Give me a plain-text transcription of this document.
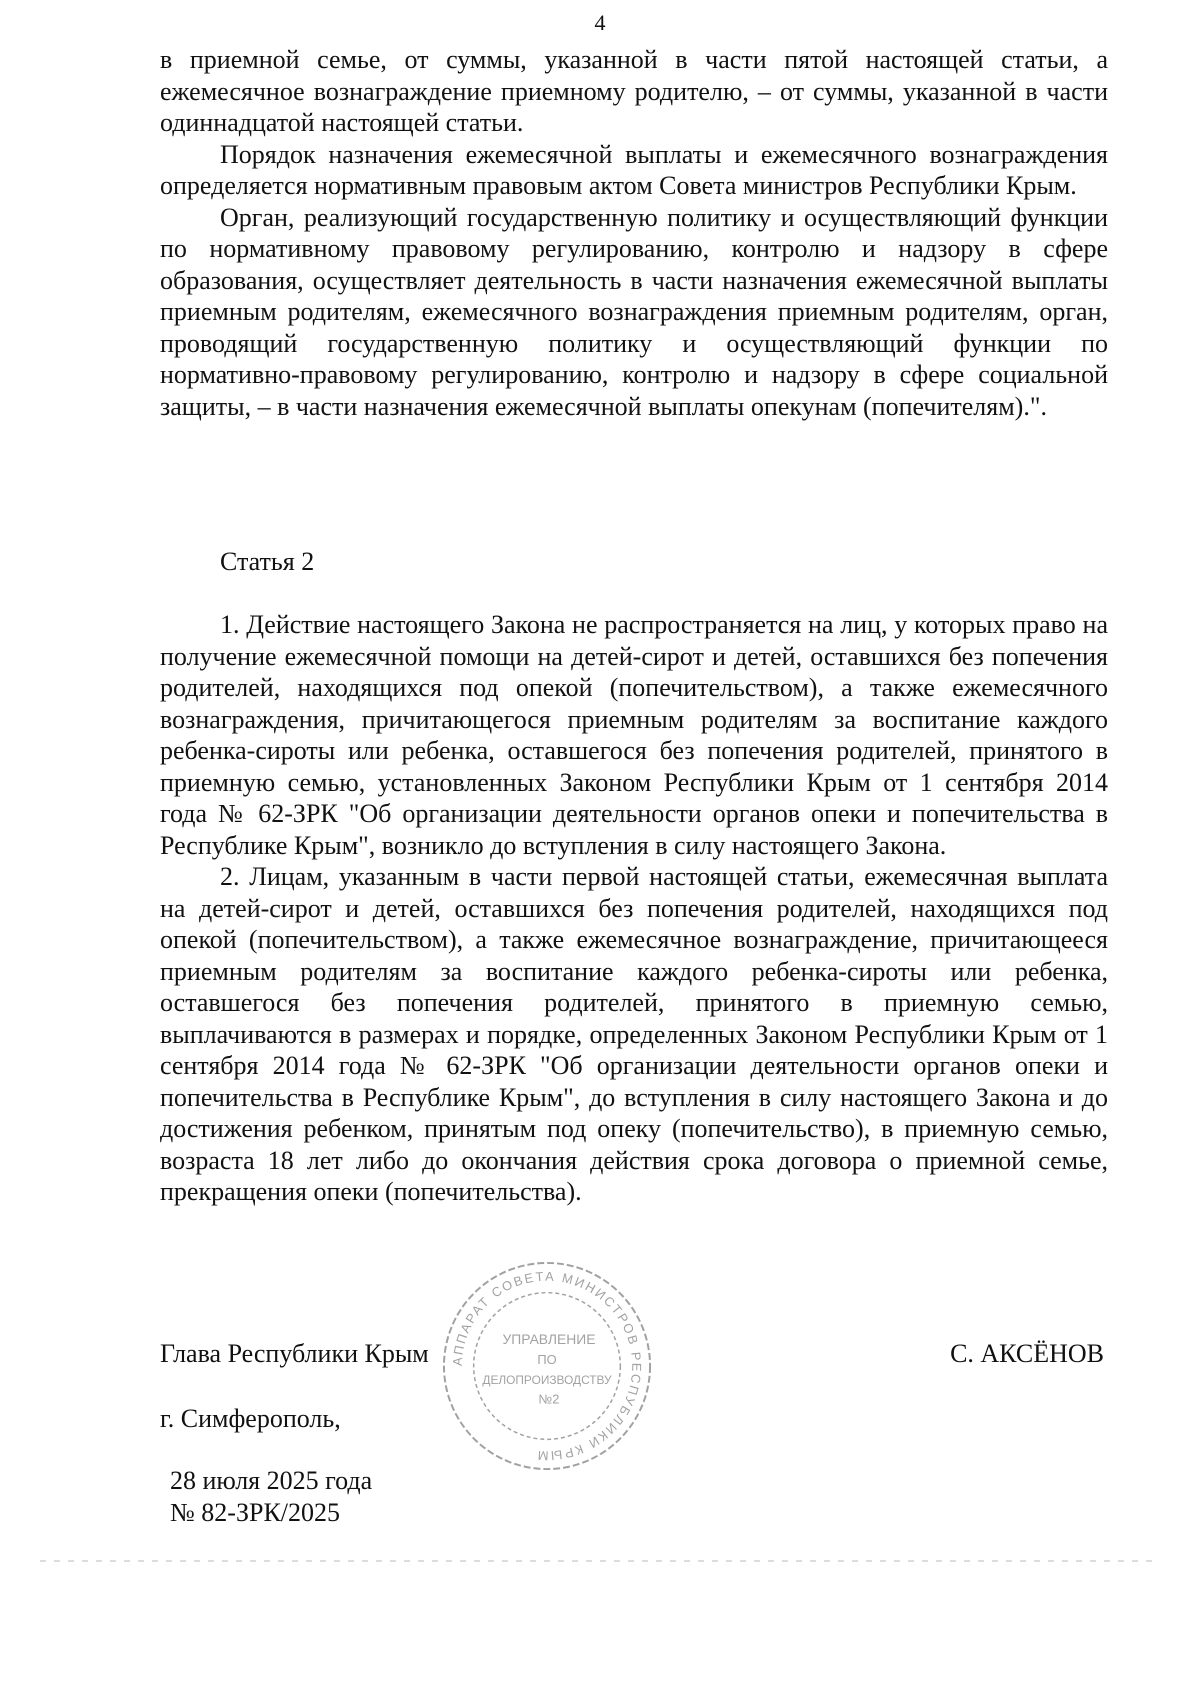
4

в приемной семье, от суммы, указанной в части пятой настоящей статьи, а ежемесячное вознаграждение приемному родителю, – от суммы, указанной в части одиннадцатой настоящей статьи.

Порядок назначения ежемесячной выплаты и ежемесячного вознаграждения определяется нормативным правовым актом Совета министров Республики Крым.

Орган, реализующий государственную политику и осуществляющий функции по нормативному правовому регулированию, контролю и надзору в сфере образования, осуществляет деятельность в части назначения ежемесячной выплаты приемным родителям, ежемесячного вознаграждения приемным родителям, орган, проводящий государственную политику и осуществляющий функции по нормативно-правовому регулированию, контролю и надзору в сфере социальной защиты, – в части назначения ежемесячной выплаты опекунам (попечителям).".

Статья 2

1. Действие настоящего Закона не распространяется на лиц, у которых право на получение ежемесячной помощи на детей-сирот и детей, оставшихся без попечения родителей, находящихся под опекой (попечительством), а также ежемесячного вознаграждения, причитающегося приемным родителям за воспитание каждого ребенка-сироты или ребенка, оставшегося без попечения родителей, принятого в приемную семью, установленных Законом Республики Крым от 1 сентября 2014 года № 62-ЗРК "Об организации деятельности органов опеки и попечительства в Республике Крым", возникло до вступления в силу настоящего Закона.

2. Лицам, указанным в части первой настоящей статьи, ежемесячная выплата на детей-сирот и детей, оставшихся без попечения родителей, находящихся под опекой (попечительством), а также ежемесячное вознаграждение, причитающееся приемным родителям за воспитание каждого ребенка-сироты или ребенка, оставшегося без попечения родителей, принятого в приемную семью, выплачиваются в размерах и порядке, определенных Законом Республики Крым от 1 сентября 2014 года № 62-ЗРК "Об организации деятельности органов опеки и попечительства в Республике Крым", до вступления в силу настоящего Закона и до достижения ребенком, принятым под опеку (попечительство), в приемную семью, возраста 18 лет либо до окончания действия срока договора о приемной семье, прекращения опеки (попечительства).

Глава Республики Крым	С. АКСЁНОВ
г. Симферополь,
28 июля 2025 года
№ 82-ЗРК/2025
АППАРАТ СОВЕТА МИНИСТРОВ РЕСПУБЛИКИ КРЫМ
УПРАВЛЕНИЕ
ПО
ДЕЛОПРОИЗВОДСТВУ
№2
